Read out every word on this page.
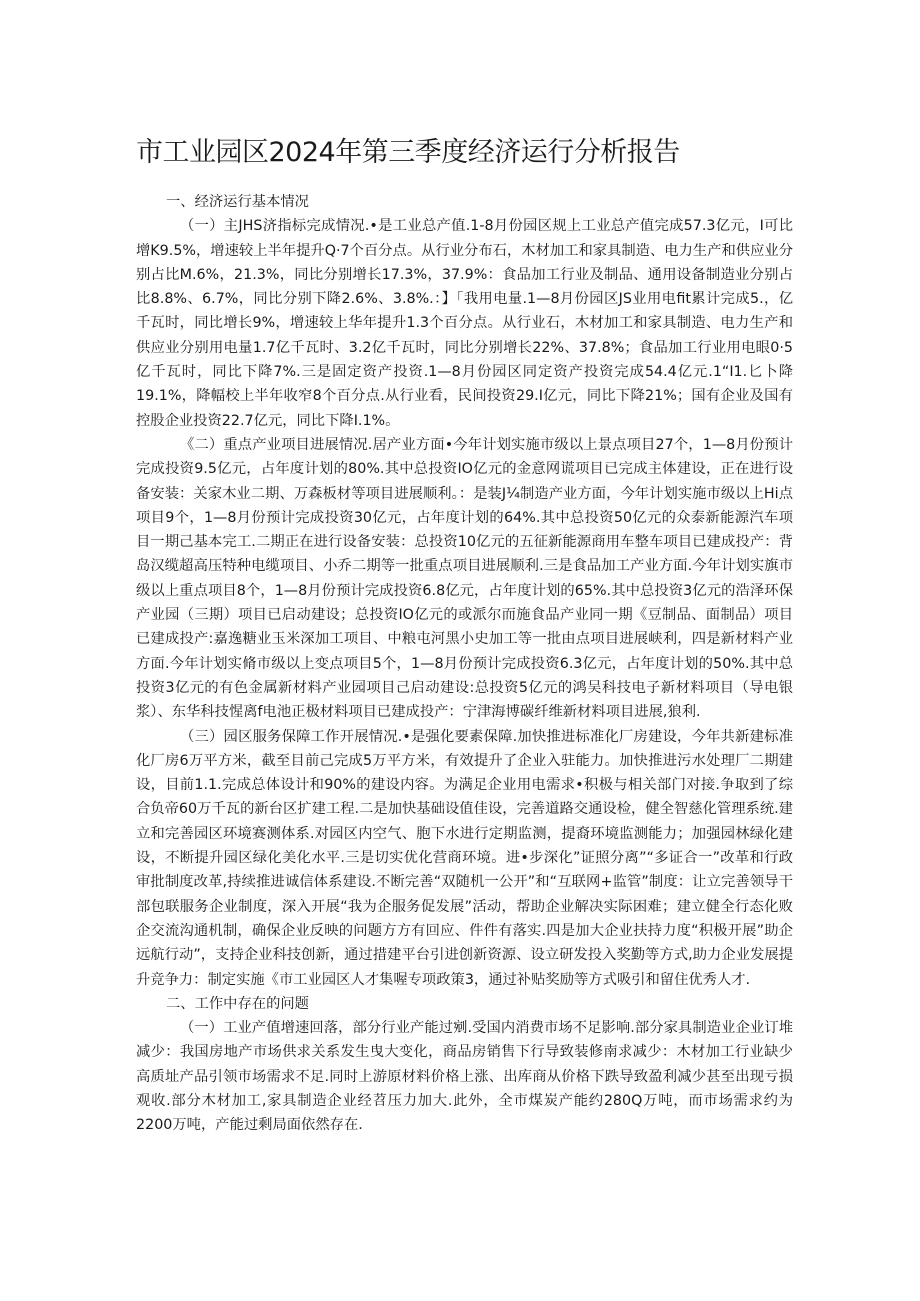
市工业园区2024年第三季度经济运行分析报告

一、经济运行基本情况

（一）主JHS济指标完成情况.•是工业总产值.1-8月份园区规上工业总产值完成57.3亿元，I可比增K9.5%，增速较上半年提升Q·7个百分点。从行业分布石，木材加工和家具制造、电力生产和供应业分别占比M.6%，21.3%，同比分别增长17.3%，37.9%：食品加工行业及制品、通用设备制造业分别占比8.8%、6.7%，同比分别下降2.6%、3.8%.：】「我用电量.1—8月份园区JS业用电fit累计完成5.，亿千瓦时，同比增长9%，增速较上华年提升1.3个百分点。从行业石，木材加工和家具制造、电力生产和供应业分别用电量1.7亿千瓦时、3.2亿千瓦时，同比分别增长22%、37.8%；食品加工行业用电眼0·5亿千瓦时，同比下降7%.三是固定资产投资.1—8月份园区同定资产投资完成54.4亿元.1“I1.匕卜降19.1%，降幅校上半年收窄8个百分点.从行业看，民间投资29.I亿元，同比下降21%；国有企业及国有控股企业投资22.7亿元，同比下降I.1%。

《二）重点产业项目进展情况.居产业方面•今年计划实施市级以上景点项目27个，1—8月份预计完成投资9.5亿元，占年度计划的80%.其中总投资IO亿元的金意网谎项目已完成主体建设，正在进行设备安装：关家木业二期、万森板材等项目进展顺利。：是装J¼制造产业方面，今年计划实施市级以上Hi点项目9个，1—8月份预计完成投资30亿元，占年度计划的64%.其中总投资50亿元的众泰新能源汽车项目一期己基本完工.二期正在进行设备安装：总投资10亿元的五征新能源商用车整车项目已建成投产：背岛汉缆超高压特种电缆项目、小乔二期等一批重点项目进展顺利.三是食品加工产业方面.今年计划实旗市级以上重点项目8个，1—8月份预计完成投资6.8亿元，占年度计划的65%.其中总投资3亿元的浩泽环保产业园（三期）项目已启动建设；总投资IO亿元的或派尔而施食品产业同一期《豆制品、面制品）项目已建成投产:嘉逸糖业玉米深加工项目、中粮屯河黑小史加工等一批由点项目进展峡利，四是新材料产业方面.今年计划实脩市级以上变点项目5个，1—8月份预计完成投资6.3亿元，占年度计划的50%.其中总投资3亿元的有色金属新材料产业园项目己启动建设:总投资5亿元的鸿吴科技电子新材料项目（导电银浆）、东华科技惺离f电池正极材料项目已建成投产：宁津海博碳纤维新材料项目进展,狼利.

（三）园区服务保障工作开展情况.•是强化要素保障.加快推进标准化厂房建设，今年共新建标准化厂房6万平方米，截至目前己完成5万平方米，有效提升了企业入驻能力。加快推进污水处理厂二期建设，目前1.1.完成总体设计和90%的建设内容。为满足企业用电需求•积极与相关部门对接.争取到了综合负帝60万千瓦的新台区扩建工程.二是加快基础设值佳设，完善道路交通设检，健全智慈化管理系统.建立和完善园区环境赛测体系.对园区内空气、胞下水进行定期监测，提裔环境监测能力；加强园林绿化建设，不断提升园区绿化美化水平.三是切实优化营商环境。进•步深化”证照分离”“多证合一”改革和行政审批制度改革,持续推进诚信体系建设.不断完善“双随机一公开”和“互联网+监管”制度：让立完善领导干部包联服务企业制度，深入开展“我为企服务促发展”活动，帮助企业解决实际困难；建立健全行态化败企交流沟通机制，确保企业反映的问题方方有回应、件件有落实.四是加大企业扶持力度“积极开展”助企远航行动”，支持企业科技创新，通过措建平台引进创新资源、设立研发投入奖勤等方式,助力企业发展提升竞争力：制定实施《市工业园区人才集喔专项政策3，通过补贴奖励等方式吸引和留住优秀人才.

二、工作中存在的问题

（一）工业产值增速回落，部分行业产能过剜.受国内消费市场不足影响.部分家具制造业企业订堆减少：我国房地产市场供求关系发生曳大变化，商品房销售下行导致装修南求减少：木材加工行业缺少高质址产品引领市场需求不足.同时上游原材料价格上涨、出库商从价格下跌导致盈利减少甚至出现亏损观收.部分木材加工,家具制造企业经苕压力加大.此外，全市煤炭产能约280Q万吨，而市场需求约为2200万吨，产能过剩局面依然存在.
